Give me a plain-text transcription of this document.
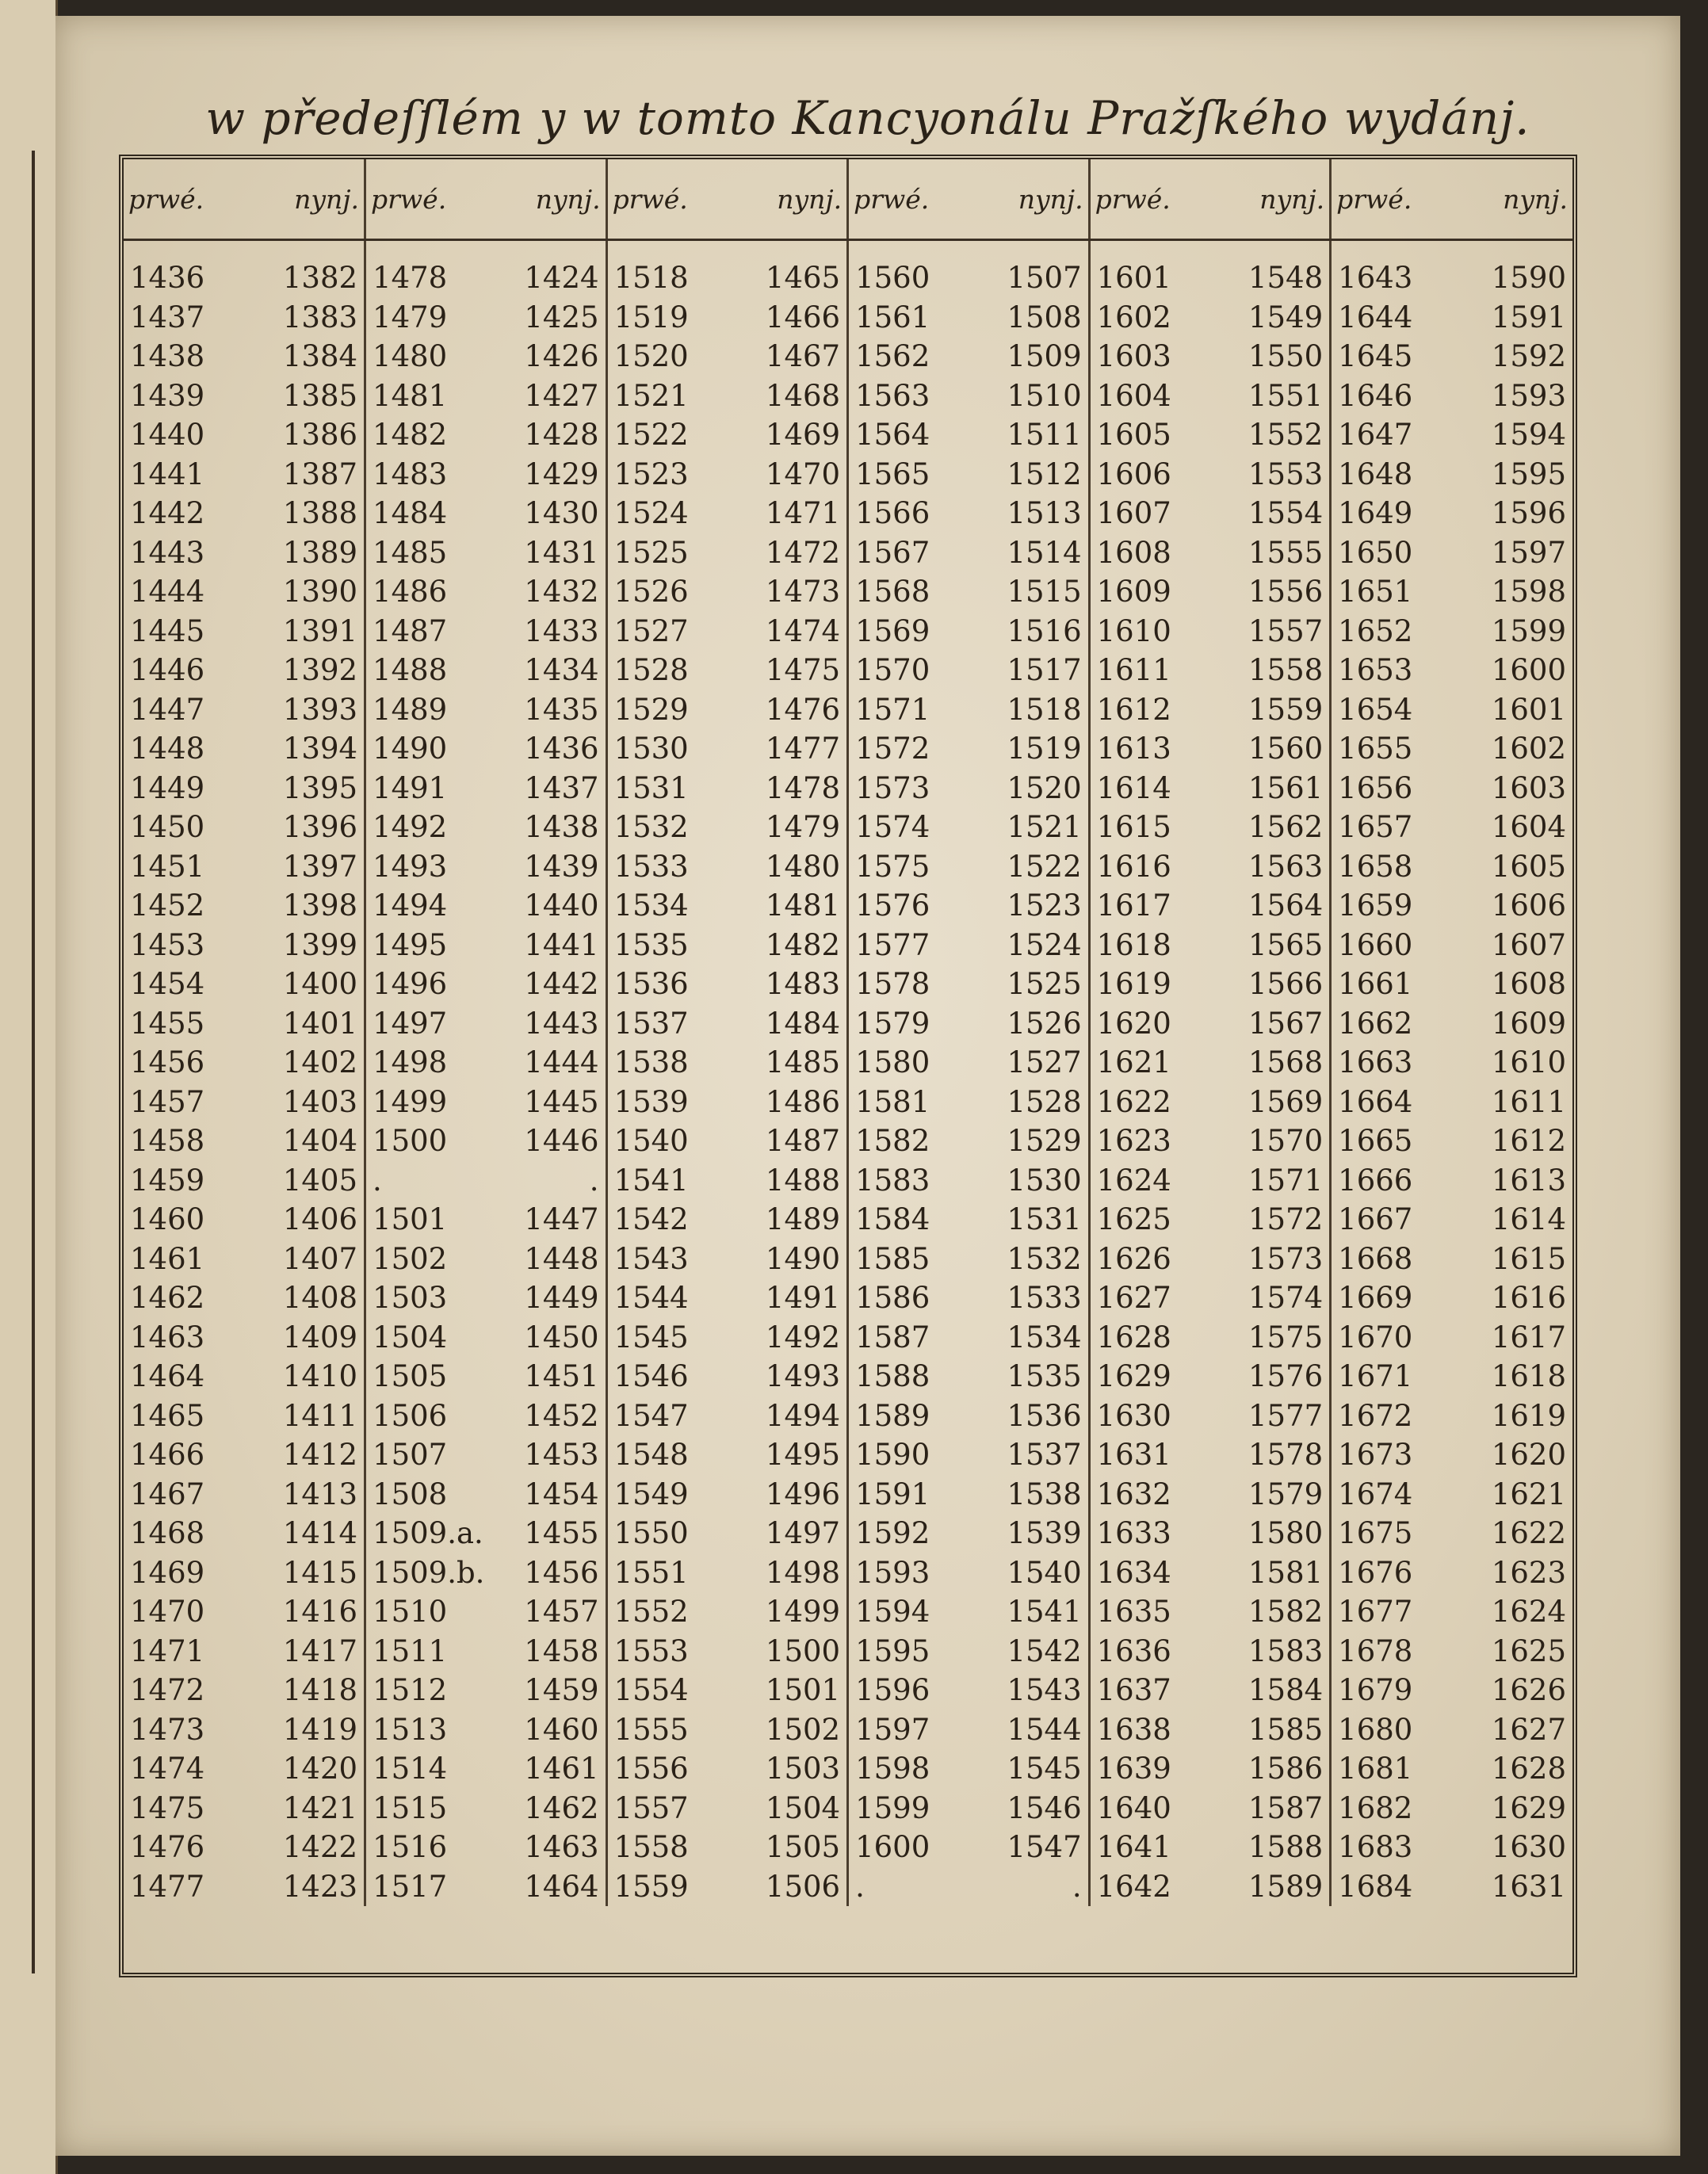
w předeſſlém y w tomto Kancyonálu Pražſkého wydánj.
prwé.	nynj.	prwé.	nynj.	prwé.	nynj.	prwé.	nynj.	prwé.	nynj.	prwé.	nynj.
1436	1382	1478	1424	1518	1465	1560	1507	1601	1548	1643	1590
1437	1383	1479	1425	1519	1466	1561	1508	1602	1549	1644	1591
1438	1384	1480	1426	1520	1467	1562	1509	1603	1550	1645	1592
1439	1385	1481	1427	1521	1468	1563	1510	1604	1551	1646	1593
1440	1386	1482	1428	1522	1469	1564	1511	1605	1552	1647	1594
1441	1387	1483	1429	1523	1470	1565	1512	1606	1553	1648	1595
1442	1388	1484	1430	1524	1471	1566	1513	1607	1554	1649	1596
1443	1389	1485	1431	1525	1472	1567	1514	1608	1555	1650	1597
1444	1390	1486	1432	1526	1473	1568	1515	1609	1556	1651	1598
1445	1391	1487	1433	1527	1474	1569	1516	1610	1557	1652	1599
1446	1392	1488	1434	1528	1475	1570	1517	1611	1558	1653	1600
1447	1393	1489	1435	1529	1476	1571	1518	1612	1559	1654	1601
1448	1394	1490	1436	1530	1477	1572	1519	1613	1560	1655	1602
1449	1395	1491	1437	1531	1478	1573	1520	1614	1561	1656	1603
1450	1396	1492	1438	1532	1479	1574	1521	1615	1562	1657	1604
1451	1397	1493	1439	1533	1480	1575	1522	1616	1563	1658	1605
1452	1398	1494	1440	1534	1481	1576	1523	1617	1564	1659	1606
1453	1399	1495	1441	1535	1482	1577	1524	1618	1565	1660	1607
1454	1400	1496	1442	1536	1483	1578	1525	1619	1566	1661	1608
1455	1401	1497	1443	1537	1484	1579	1526	1620	1567	1662	1609
1456	1402	1498	1444	1538	1485	1580	1527	1621	1568	1663	1610
1457	1403	1499	1445	1539	1486	1581	1528	1622	1569	1664	1611
1458	1404	1500	1446	1540	1487	1582	1529	1623	1570	1665	1612
1459	1405	.	.	1541	1488	1583	1530	1624	1571	1666	1613
1460	1406	1501	1447	1542	1489	1584	1531	1625	1572	1667	1614
1461	1407	1502	1448	1543	1490	1585	1532	1626	1573	1668	1615
1462	1408	1503	1449	1544	1491	1586	1533	1627	1574	1669	1616
1463	1409	1504	1450	1545	1492	1587	1534	1628	1575	1670	1617
1464	1410	1505	1451	1546	1493	1588	1535	1629	1576	1671	1618
1465	1411	1506	1452	1547	1494	1589	1536	1630	1577	1672	1619
1466	1412	1507	1453	1548	1495	1590	1537	1631	1578	1673	1620
1467	1413	1508	1454	1549	1496	1591	1538	1632	1579	1674	1621
1468	1414	1509.a.	1455	1550	1497	1592	1539	1633	1580	1675	1622
1469	1415	1509.b.	1456	1551	1498	1593	1540	1634	1581	1676	1623
1470	1416	1510	1457	1552	1499	1594	1541	1635	1582	1677	1624
1471	1417	1511	1458	1553	1500	1595	1542	1636	1583	1678	1625
1472	1418	1512	1459	1554	1501	1596	1543	1637	1584	1679	1626
1473	1419	1513	1460	1555	1502	1597	1544	1638	1585	1680	1627
1474	1420	1514	1461	1556	1503	1598	1545	1639	1586	1681	1628
1475	1421	1515	1462	1557	1504	1599	1546	1640	1587	1682	1629
1476	1422	1516	1463	1558	1505	1600	1547	1641	1588	1683	1630
1477	1423	1517	1464	1559	1506	.	.	1642	1589	1684	1631
